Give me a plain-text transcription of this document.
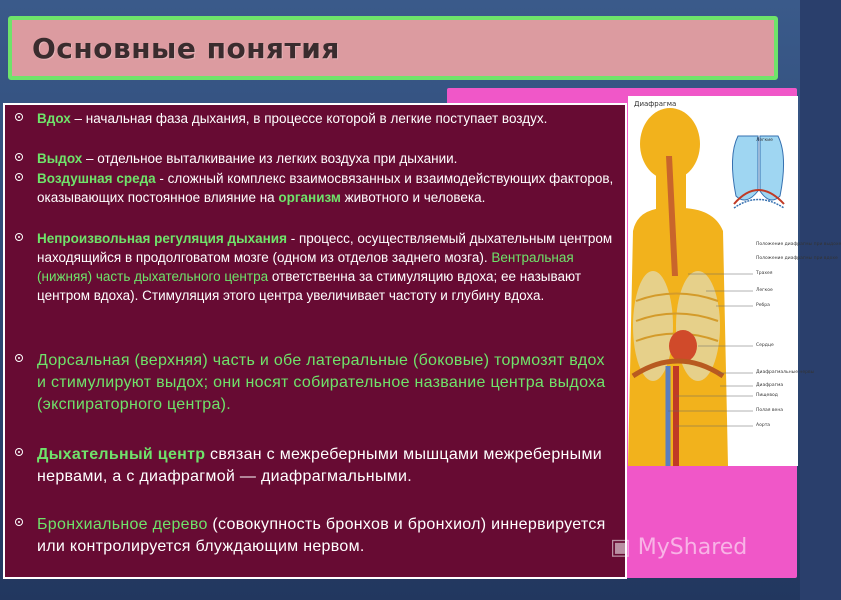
Основные понятия
Диафрагма
Легкие
Положение диафрагмы при выдохе
Положение диафрагмы при вдохе
Трахея
Легкое
Ребра
Сердце
Диафрагмальные нервы
Диафрагма
Пищевод
Полая вена
Аорта
Вдох – начальная фаза дыхания, в процессе которой в легкие поступает воздух.
Выдох – отдельное выталкивание из легких воздуха при дыхании.
Воздушная среда - сложный комплекс взаимосвязанных и взаимодействующих факторов, оказывающих постоянное влияние на организм животного и человека.
Непроизвольная регуляция дыхания - процесс, осуществляемый дыхательным центром находящийся в продолговатом мозге (одном из отделов заднего мозга). Вентральная (нижняя) часть дыхательного центра ответственна за стимуляцию вдоха; ее называют центром вдоха). Стимуляция этого центра увеличивает частоту и глубину вдоха.
Дорсальная (верхняя) часть и обе латеральные (боковые) тормозят вдох и стимулируют выдох; они носят собирательное название центра выдоха (экспираторного центра).
Дыхательный центр связан с межреберными мышцами межреберными нервами, а с диафрагмой — диафрагмальными.
Бронхиальное дерево (совокупность бронхов и бронхиол) иннервируется или контролируется блуждающим нервом.	▣ MyShared
